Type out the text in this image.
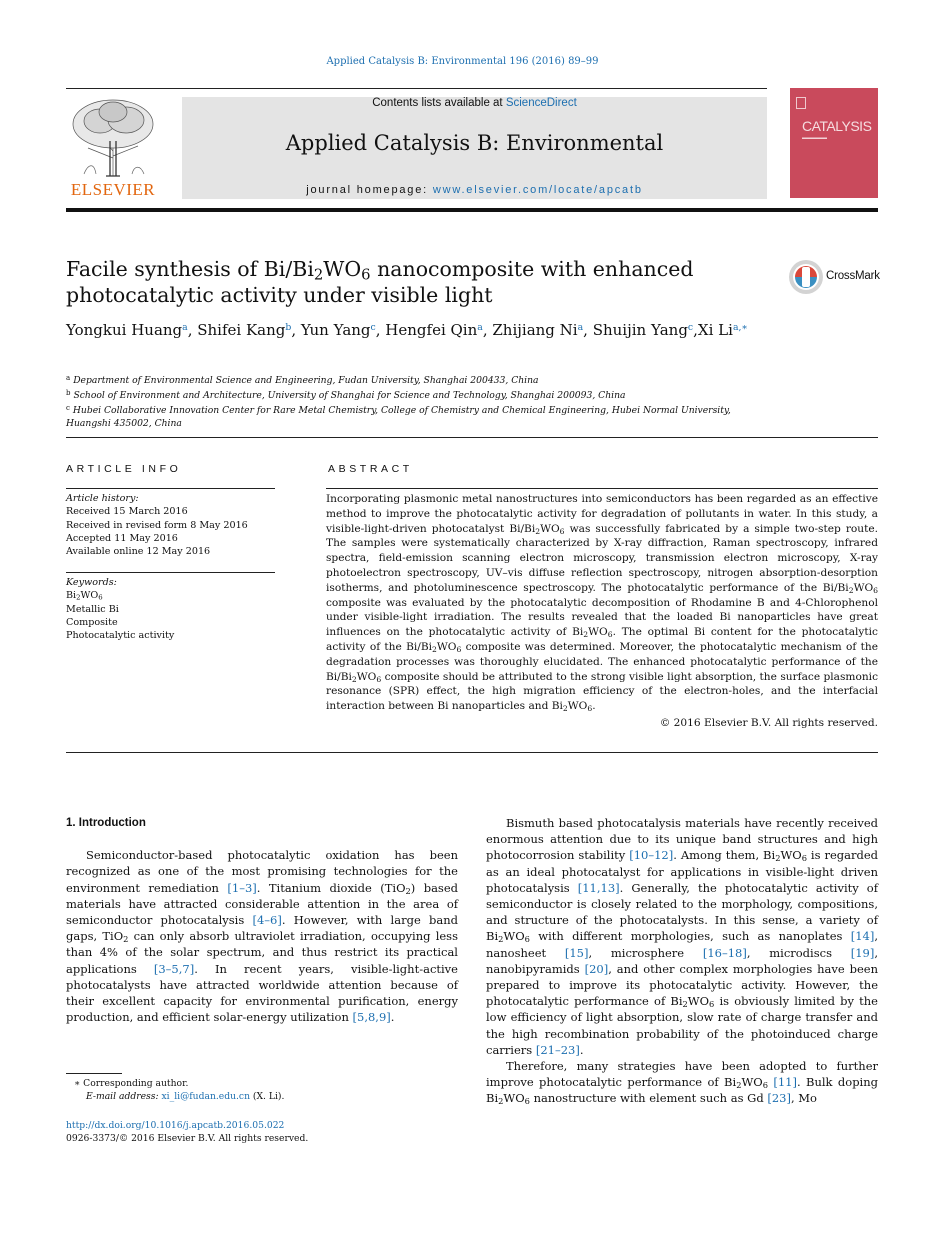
Applied Catalysis B: Environmental 196 (2016) 89–99
ELSEVIER
Contents lists available at ScienceDirect
Applied Catalysis B: Environmental
journal homepage: www.elsevier.com/locate/apcatb
CATALYSIS
▬▬▬▬▬
Facile synthesis of $Bi/Bi_2WO_6$ nanocomposite with enhanced photocatalytic activity under visible light
CrossMark
Yongkui Huang$^a$, Shifei Kang$^b$, Yun Yang$^c$, Hengfei Qin$^a$, Zhijiang Ni$^a$, Shuijin Yang$^c$,Xi Li$^{a,∗}$
$^a$ Department of Environmental Science and Engineering, Fudan University, Shanghai 200433, China
$^b$ School of Environment and Architecture, University of Shanghai for Science and Technology, Shanghai 200093, China
$^c$ Hubei Collaborative Innovation Center for Rare Metal Chemistry, College of Chemistry and Chemical Engineering, Hubei Normal University, Huangshi 435002, China
ARTICLE INFO
Article history:
Received 15 March 2016
Received in revised form 8 May 2016
Accepted 11 May 2016
Available online 12 May 2016
Keywords:
$Bi_2WO_6$
Metallic Bi
Composite
Photocatalytic activity
ABSTRACT
Incorporating plasmonic metal nanostructures into semiconductors has been regarded as an effective method to improve the photocatalytic activity for degradation of pollutants in water. In this study, a visible-light-driven photocatalyst $Bi/Bi_2WO_6$ was successfully fabricated by a simple two-step route. The samples were systematically characterized by X-ray diffraction, Raman spectroscopy, infrared spectra, field-emission scanning electron microscopy, transmission electron microscopy, X-ray photoelectron spectroscopy, UV–vis diffuse reflection spectroscopy, nitrogen absorption-desorption isotherms, and photoluminescence spectroscopy. The photocatalytic performance of the $Bi/Bi_2WO_6$ composite was evaluated by the photocatalytic decomposition of Rhodamine B and 4-Chlorophenol under visible-light irradiation. The results revealed that the loaded Bi nanoparticles have great influences on the photocatalytic activity of $Bi_2WO_6$. The optimal Bi content for the photocatalytic activity of the $Bi/Bi_2WO_6$ composite was determined. Moreover, the photocatalytic mechanism of the degradation processes was thoroughly elucidated. The enhanced photocatalytic performance of the $Bi/Bi_2WO_6$ composite should be attributed to the strong visible light absorption, the surface plasmonic resonance (SPR) effect, the high migration efficiency of the electron-holes, and the interfacial interaction between Bi nanoparticles and $Bi_2WO_6$.
© 2016 Elsevier B.V. All rights reserved.
1. Introduction

Semiconductor-based photocatalytic oxidation has been recognized as one of the most promising technologies for the environment remediation [1–3]. Titanium dioxide (TiO$_2$) based materials have attracted considerable attention in the area of semiconductor photocatalysis [4–6]. However, with large band gaps, TiO$_2$ can only absorb ultraviolet irradiation, occupying less than 4% of the solar spectrum, and thus restrict its practical applications [3–5,7]. In recent years, visible-light-active photocatalysts have attracted worldwide attention because of their excellent capacity for environmental purification, energy production, and efficient solar-energy utilization [5,8,9].

Bismuth based photocatalysis materials have recently received enormous attention due to its unique band structures and high photocorrosion stability [10–12]. Among them, $Bi_2WO_6$ is regarded as an ideal photocatalyst for applications in visible-light driven photocatalysis [11,13]. Generally, the photocatalytic activity of semiconductor is closely related to the morphology, compositions, and structure of the photocatalysts. In this sense, a variety of $Bi_2WO_6$ with different morphologies, such as nanoplates [14], nanosheet [15], microsphere [16–18], microdiscs [19], nanobipyramids [20], and other complex morphologies have been prepared to improve its photocatalytic activity. However, the photocatalytic performance of $Bi_2WO_6$ is obviously limited by the low efficiency of light absorption, slow rate of charge transfer and the high recombination probability of the photoinduced charge carriers [21–23].

Therefore, many strategies have been adopted to further improve photocatalytic performance of $Bi_2WO_6$ [11]. Bulk doping $Bi_2WO_6$ nanostructure with element such as Gd [23], Mo

∗ Corresponding author.
E-mail address: xi_li@fudan.edu.cn (X. Li).
http://dx.doi.org/10.1016/j.apcatb.2016.05.022
0926-3373/© 2016 Elsevier B.V. All rights reserved.
